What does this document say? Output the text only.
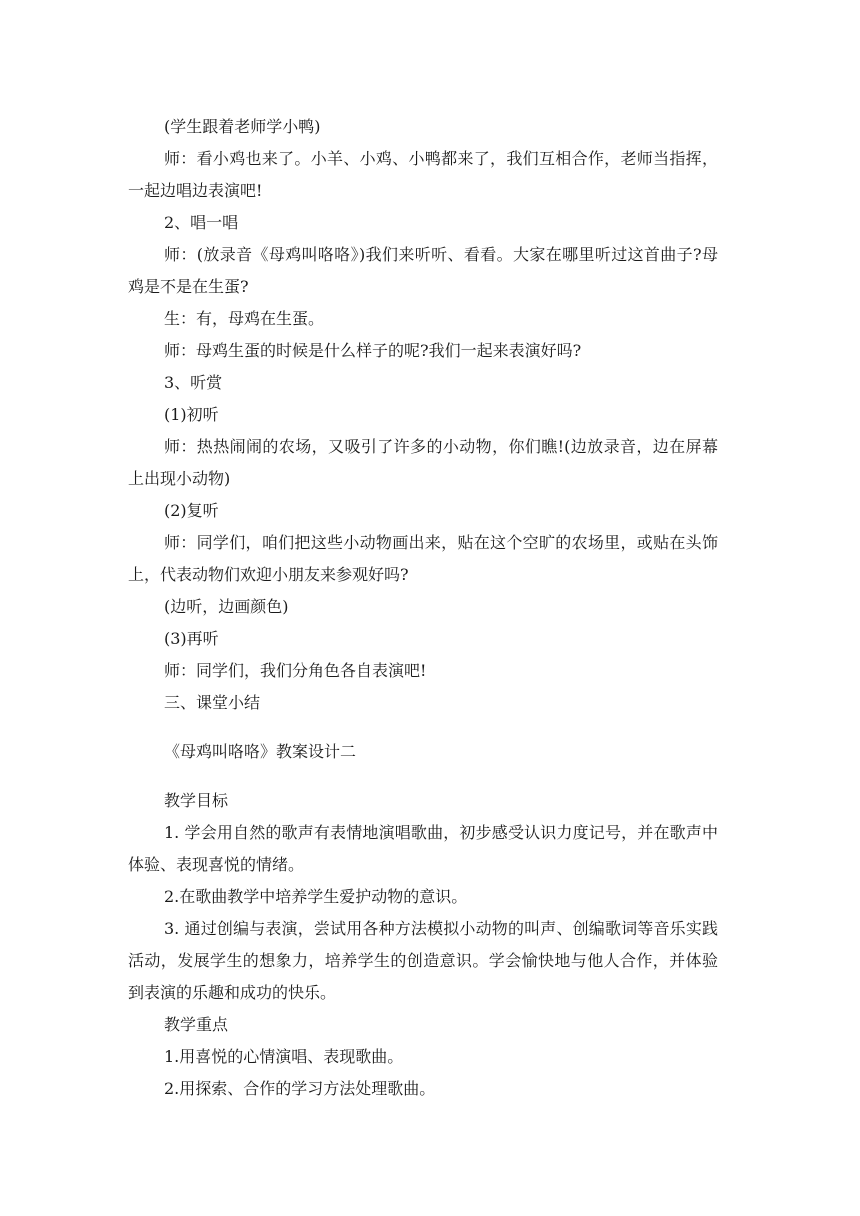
(学生跟着老师学小鸭)

师：看小鸡也来了。小羊、小鸡、小鸭都来了，我们互相合作，老师当指挥，一起边唱边表演吧!

2、唱一唱

师：(放录音《母鸡叫咯咯》)我们来听听、看看。大家在哪里听过这首曲子?母鸡是不是在生蛋?

生：有，母鸡在生蛋。

师：母鸡生蛋的时候是什么样子的呢?我们一起来表演好吗?

3、听赏

(1)初听

师：热热闹闹的农场，又吸引了许多的小动物，你们瞧!(边放录音，边在屏幕上出现小动物)

(2)复听

师：同学们，咱们把这些小动物画出来，贴在这个空旷的农场里，或贴在头饰上，代表动物们欢迎小朋友来参观好吗?

(边听，边画颜色)

(3)再听

师：同学们，我们分角色各自表演吧!

三、课堂小结

《母鸡叫咯咯》教案设计二

教学目标

1. 学会用自然的歌声有表情地演唱歌曲，初步感受认识力度记号，并在歌声中体验、表现喜悦的情绪。

2.在歌曲教学中培养学生爱护动物的意识。

3. 通过创编与表演，尝试用各种方法模拟小动物的叫声、创编歌词等音乐实践活动，发展学生的想象力，培养学生的创造意识。学会愉快地与他人合作，并体验到表演的乐趣和成功的快乐。

教学重点

1.用喜悦的心情演唱、表现歌曲。

2.用探索、合作的学习方法处理歌曲。
